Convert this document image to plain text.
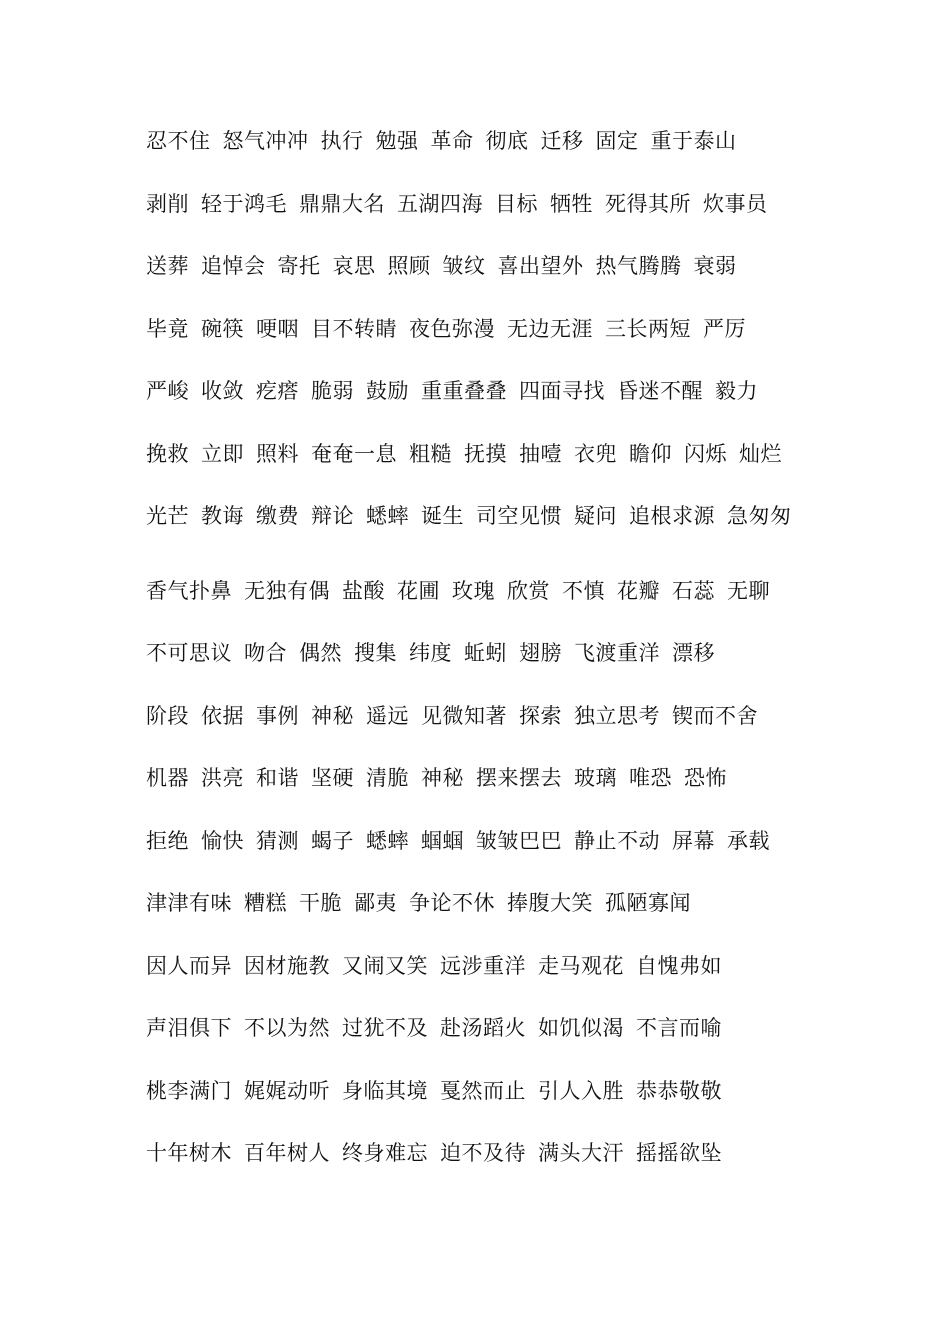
忍不住 怒气冲冲 执行 勉强 革命 彻底 迁移 固定 重于泰山
剥削 轻于鸿毛 鼎鼎大名 五湖四海 目标 牺牲 死得其所 炊事员
送葬 追悼会 寄托 哀思 照顾 皱纹 喜出望外 热气腾腾 衰弱
毕竟 碗筷 哽咽 目不转睛 夜色弥漫 无边无涯 三长两短 严厉
严峻 收敛 疙瘩 脆弱 鼓励 重重叠叠 四面寻找 昏迷不醒 毅力
挽救 立即 照料 奄奄一息 粗糙 抚摸 抽噎 衣兜 瞻仰 闪烁 灿烂
光芒 教诲 缴费 辩论 蟋蟀 诞生 司空见惯 疑问 追根求源 急匆匆
香气扑鼻 无独有偶 盐酸 花圃 玫瑰 欣赏 不慎 花瓣 石蕊 无聊
不可思议 吻合 偶然 搜集 纬度 蚯蚓 翅膀 飞渡重洋 漂移
阶段 依据 事例 神秘 遥远 见微知著 探索 独立思考 锲而不舍
机器 洪亮 和谐 坚硬 清脆 神秘 摆来摆去 玻璃 唯恐 恐怖
拒绝 愉快 猜测 蝎子 蟋蟀 蝈蝈 皱皱巴巴 静止不动 屏幕 承载
津津有味 糟糕 干脆 鄙夷 争论不休 捧腹大笑 孤陋寡闻
因人而异 因材施教 又闹又笑 远涉重洋 走马观花 自愧弗如
声泪俱下 不以为然 过犹不及 赴汤蹈火 如饥似渴 不言而喻
桃李满门 娓娓动听 身临其境 戛然而止 引人入胜 恭恭敬敬
十年树木 百年树人 终身难忘 迫不及待 满头大汗 摇摇欲坠
